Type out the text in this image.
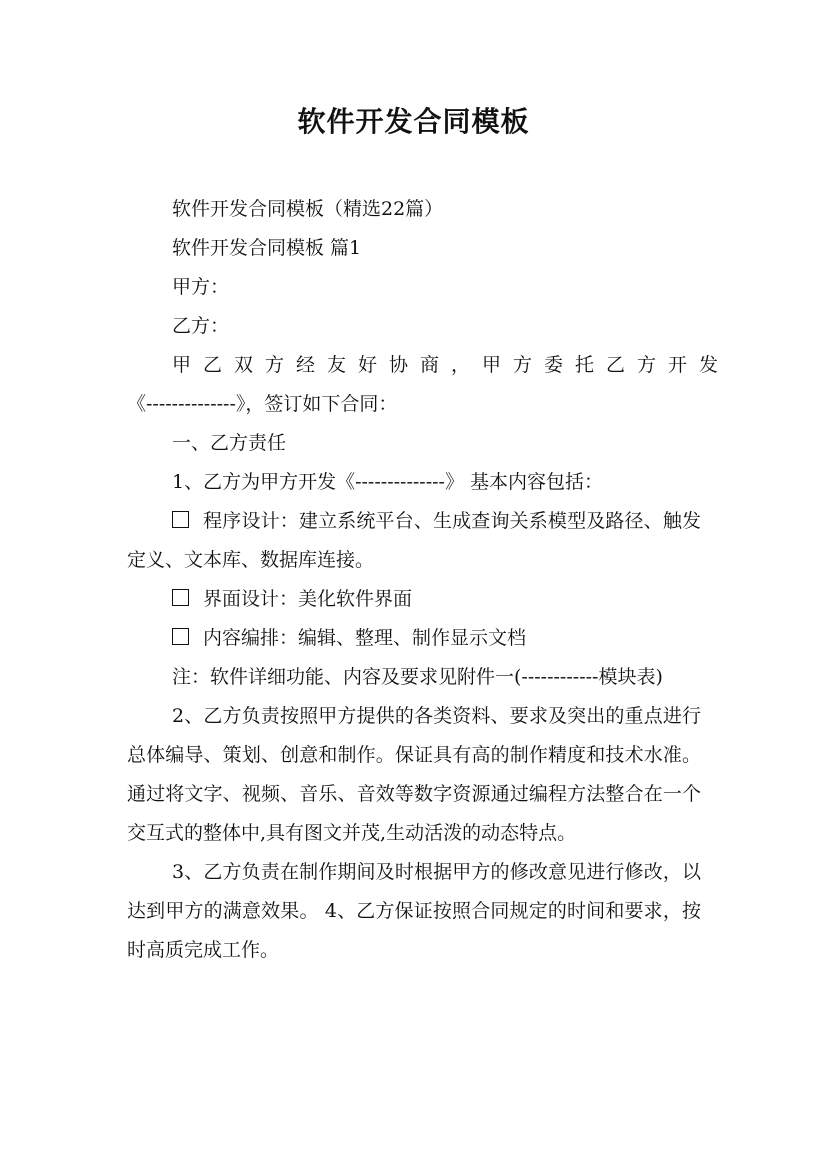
软件开发合同模板

软件开发合同模板（精选22篇）

软件开发合同模板 篇1

甲方：

乙方：

甲乙双方经友好协商，甲方委托乙方开发

《--------------》，签订如下合同：

一、乙方责任

1、乙方为甲方开发《--------------》 基本内容包括：

程序设计：建立系统平台、生成查询关系模型及路径、触发定义、文本库、数据库连接。

界面设计：美化软件界面

内容编排：编辑、整理、制作显示文档

注：软件详细功能、内容及要求见附件一(------------模块表)

2、乙方负责按照甲方提供的各类资料、要求及突出的重点进行总体编导、策划、创意和制作。保证具有高的制作精度和技术水准。通过将文字、视频、音乐、音效等数字资源通过编程方法整合在一个交互式的整体中,具有图文并茂,生动活泼的动态特点。

3、乙方负责在制作期间及时根据甲方的修改意见进行修改，以达到甲方的满意效果。 4、乙方保证按照合同规定的时间和要求，按时高质完成工作。
